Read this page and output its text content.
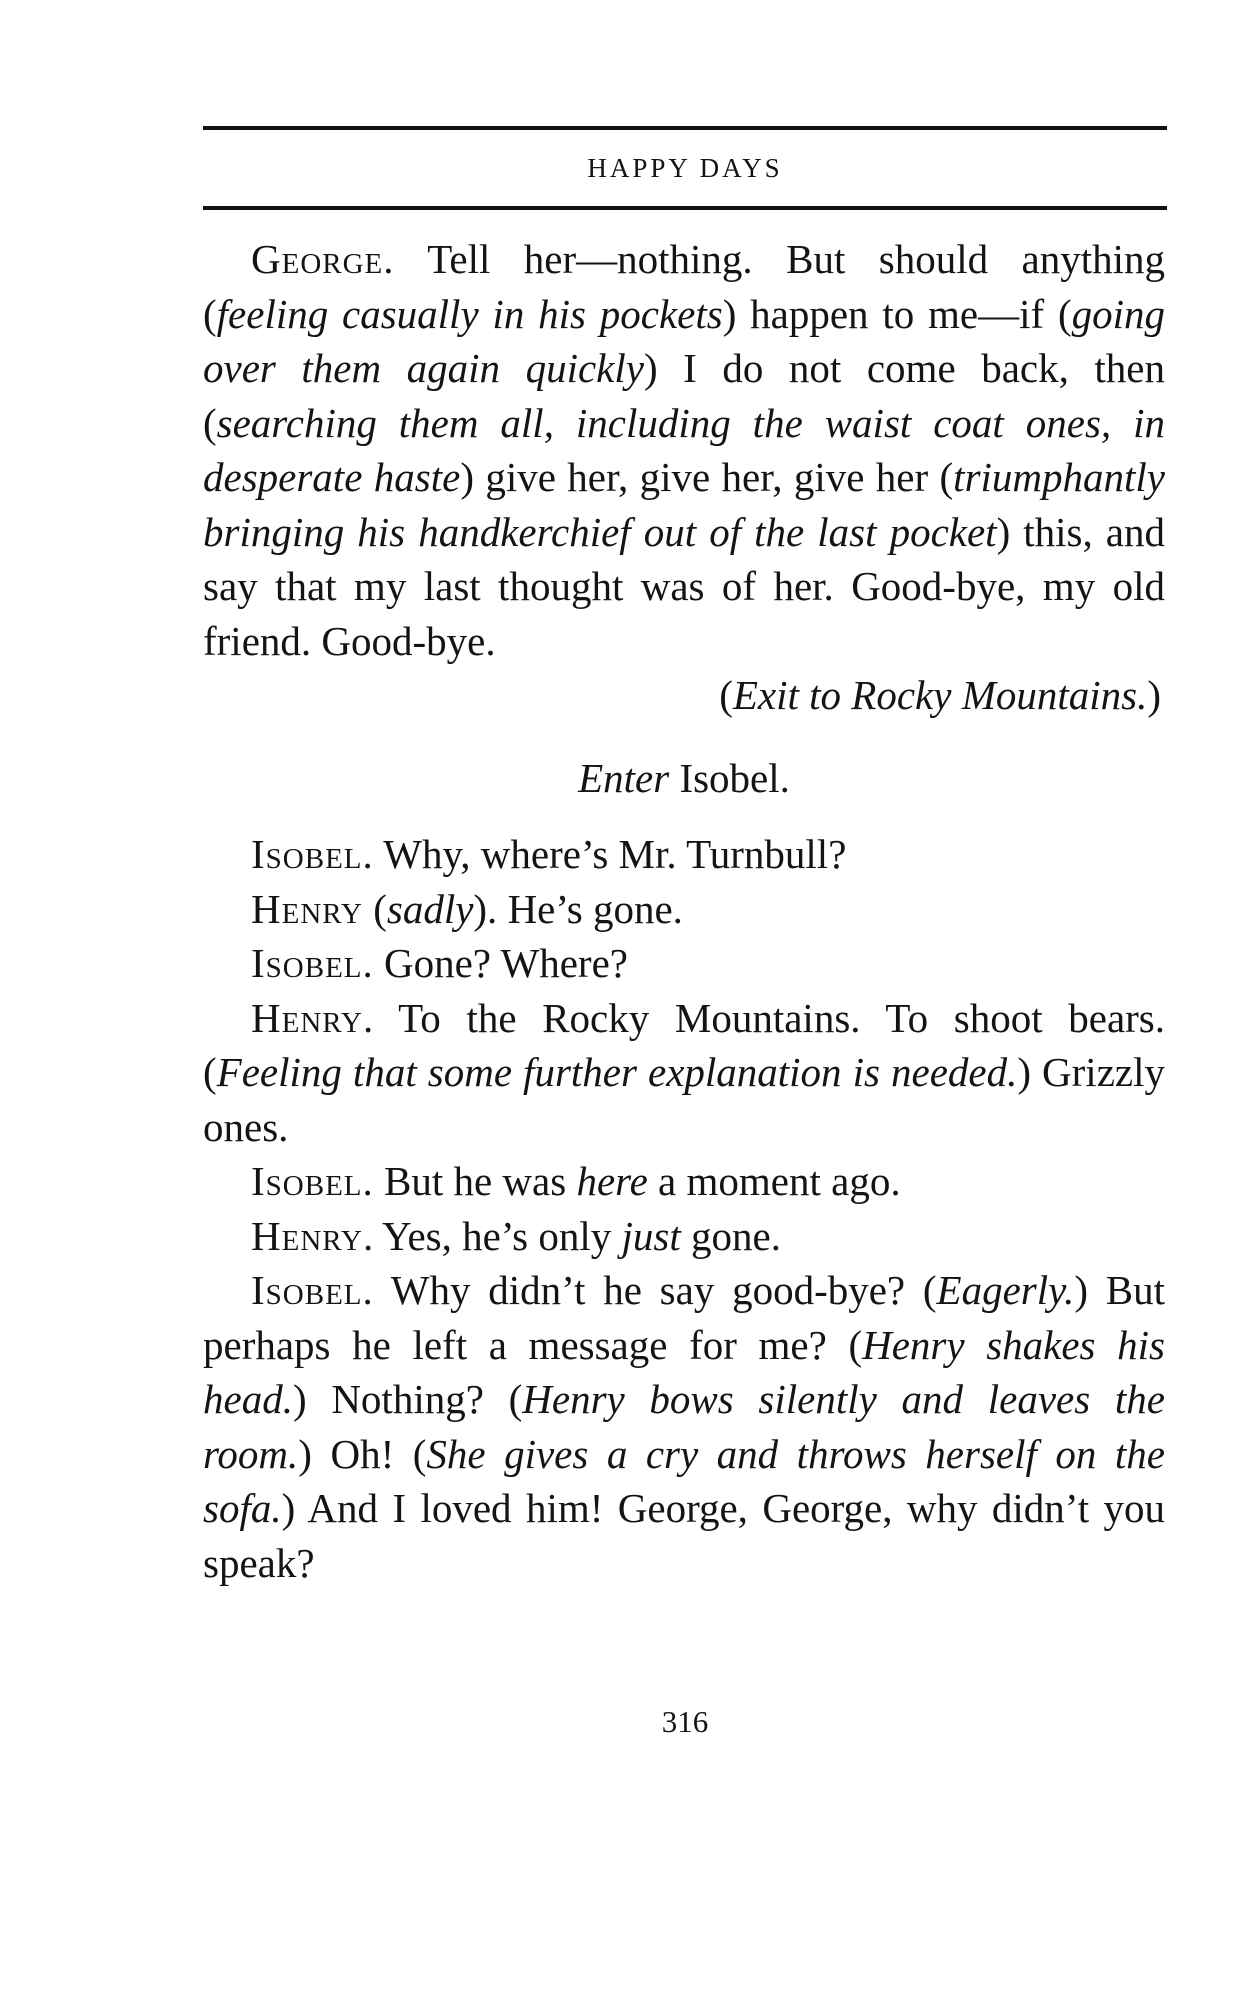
HAPPY DAYS

George. Tell her—nothing. But should anything (feeling casually in his pockets) happen to me—if (going over them again quickly) I do not come back, then (searching them all, including the waist coat ones, in desperate haste) give her, give her, give her (triumphantly bringing his handkerchief out of the last pocket) this, and say that my last thought was of her. Good-bye, my old friend. Good-bye.

(Exit to Rocky Mountains.)

Enter Isobel.

Isobel. Why, where’s Mr. Turnbull?

Henry (sadly). He’s gone.

Isobel. Gone? Where?

Henry. To the Rocky Mountains. To shoot bears. (Feeling that some further explanation is needed.) Grizzly ones.

Isobel. But he was here a moment ago.

Henry. Yes, he’s only just gone.

Isobel. Why didn’t he say good-bye? (Eagerly.) But perhaps he left a message for me? (Henry shakes his head.) Nothing? (Henry bows silently and leaves the room.) Oh! (She gives a cry and throws herself on the sofa.) And I loved him! George, George, why didn’t you speak?

316
